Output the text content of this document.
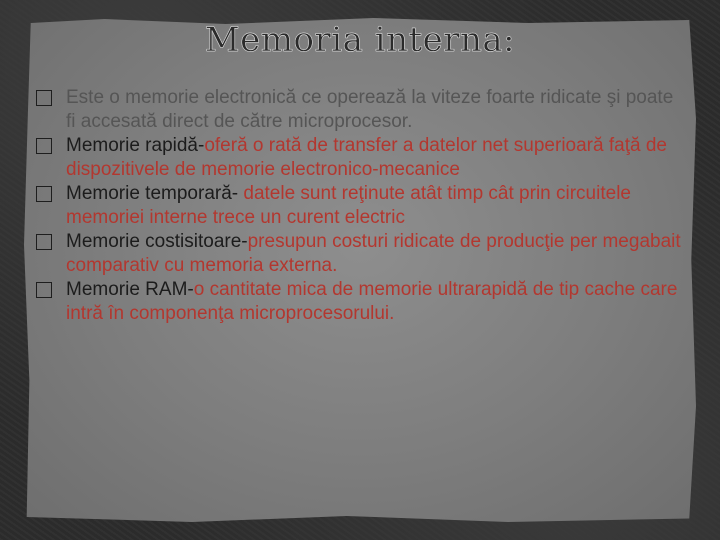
Memoria interna:
Este o memorie electronică ce operează la viteze foarte ridicate şi poate fi accesată direct de către microprocesor.
Memorie rapidă-oferă o rată de transfer a datelor net superioară faţă de dispozitivele de memorie electronico-mecanice
Memorie temporară- datele sunt reţinute atât timp cât prin circuitele memoriei interne trece un curent electric
Memorie costisitoare-presupun costuri ridicate de producţie per megabait comparativ cu memoria externa.
Memorie RAM-o cantitate mica de memorie ultrarapidă de tip cache care intră în componenţa microprocesorului.
